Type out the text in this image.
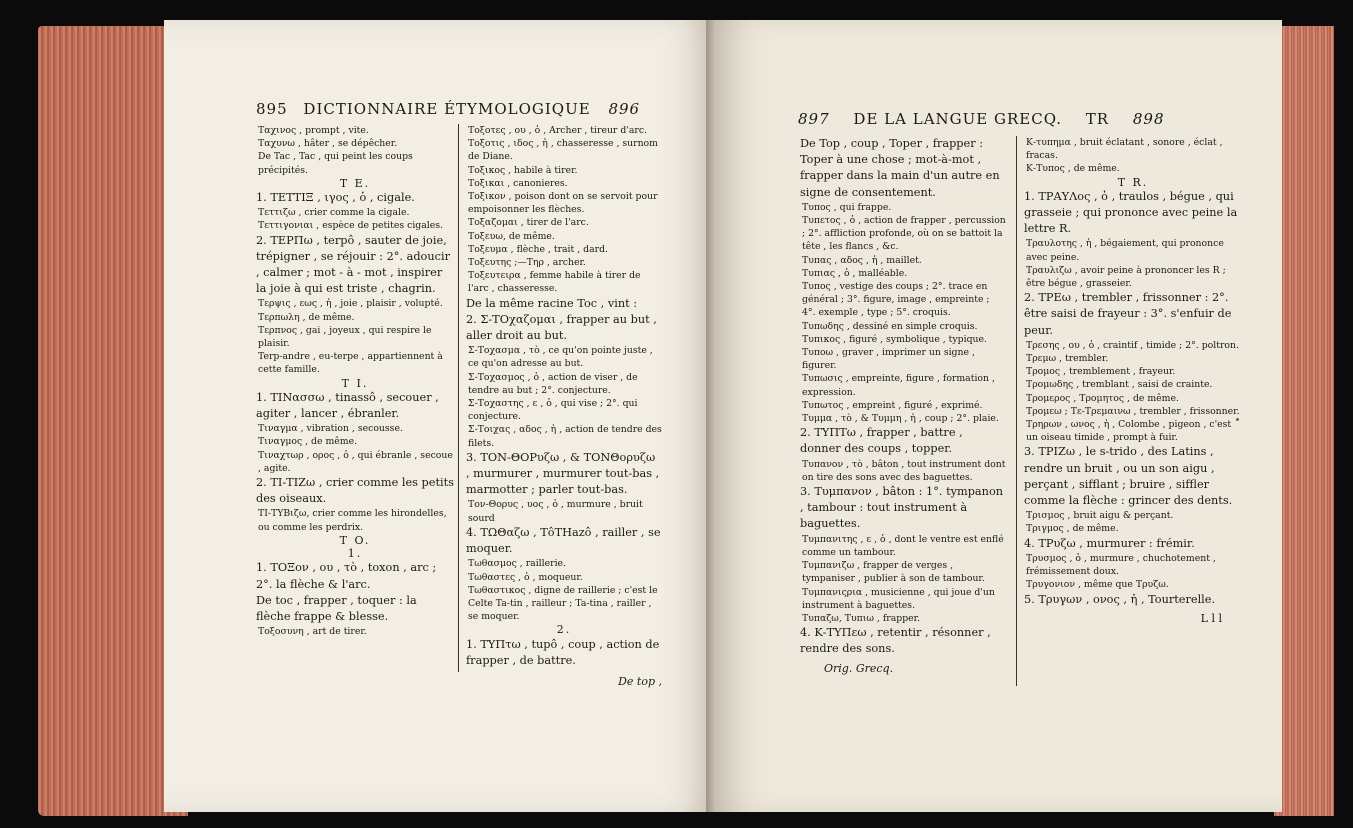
895 DICTIONNAIRE ÉTYMOLOGIQUE 896

Ταχινος , prompt , vite.

Ταχυνω , hâter , se dépêcher.

De Tac , Tac , qui peint les coups précipités.

T E.

1. ΤΕΤΤΙΞ , ιγος , ὁ , cigale.

Τεττιζω , crier comme la cigale.

Τεττιγονιαι , espèce de petites cigales.

2. ΤΕΡΠω , terpô , sauter de joie, trépigner , se réjouir : 2°. adoucir , calmer ; mot - à - mot , inspirer la joie à qui est triste , chagrin.

Τερψις , εως , ἡ , joie , plaisir , volupté.

Τερπωλη , de même.

Τερπνος , gai , joyeux , qui respire le plaisir.

Terp-andre , eu-terpe , appartiennent à cette famille.

T I.

1. ΤΙΝασσω , tinassô , secouer , agiter , lancer , ébranler.

Τιναγμα , vibration , secousse.

Τιναγμος , de même.

Τιναχτωρ , ορος , ὁ , qui ébranle , secoue , agite.

2. ΤΙ-ΤΙΖω , crier comme les petits des oiseaux.

ΤΙ-ΤΥΒιζω, crier comme les hirondelles, ou comme les perdrix.

T O.

1.

1. ΤΟΞον , ου , τὸ , toxon , arc ; 2°. la flèche & l'arc.

De toc , frapper , toquer : la flèche frappe & blesse.

Τοξοσυνη , art de tirer.

Τοξοτες , ου , ὁ , Archer , tireur d'arc.

Τοξοτις , ιδος , ἡ , chasseresse , surnom de Diane.

Τοξικος , habile à tirer.

Τοξικαι , canonieres.

Τοξικον , poison dont on se servoit pour empoisonner les flèches.

Τοξαζομαι , tirer de l'arc.

Τοξευω, de même.

Τοξευμα , flèche , trait , dard.

Τοξευτης ;—Τηρ , archer.

Τοξευτειρα , femme habile à tirer de l'arc , chasseresse.

De la même racine Toc , vint :

2. Σ-ΤΟχαζομαι , frapper au but , aller droit au but.

Σ-Τοχασμα , τὸ , ce qu'on pointe juste , ce qu'on adresse au but.

Σ-Τοχασμος , ὁ , action de viser , de tendre au but ; 2°. conjecture.

Σ-Τοχαστης , ε , ὁ , qui vise ; 2°. qui conjecture.

Σ-Τοιχας , αδος , ἡ , action de tendre des filets.

3. ΤΟΝ-ΘΟΡυζω , & ΤΟΝΘορυζω , murmurer , murmurer tout-bas , marmotter ; parler tout-bas.

Τον-Θορυς , υος , ὁ , murmure , bruit sourd

4. ΤΩΘαζω , ΤôTHazô , railler , se moquer.

Τωθασμος , raillerie.

Τωθαστες , ὁ , moqueur.

Τωθαστικος , digne de raillerie ; c'est le Celte Ta-tin , railleur ; Ta-tina , railler , se moquer.

2.

1. ΤΥΠτω , tupô , coup , action de frapper , de battre.

De top ,

897 DE LA LANGUE GRECQ. TR 898

De Top , coup , Toper , frapper : Toper à une chose ; mot-à-mot , frapper dans la main d'un autre en signe de consentement.

Τυπος , qui frappe.

Τυπετος , ὁ , action de frapper , percussion ; 2°. affliction profonde, où on se battoit la tête , les flancs , &c.

Τυπας , αδος , ἡ , maillet.

Τυπιας , ὁ , malléable.

Τυπος , vestige des coups ; 2°. trace en général ; 3°. figure, image , empreinte ; 4°. exemple , type ; 5°. croquis.

Τυπωδης , dessiné en simple croquis.

Τυπικος , figuré , symbolique , typique.

Τυποω , graver , imprimer un signe , figurer.

Τυπωσις , empreinte, figure , formation , expression.

Τυπωτος , empreint , figuré , exprimé.

Τυμμα , τὸ , & Τυμμη , ἡ , coup ; 2°. plaie.

2. ΤΥΠΤω , frapper , battre , donner des coups , topper.

Τυπανον , τὸ , bâton , tout instrument dont on tire des sons avec des baguettes.

3. Τυμπανον , bâton : 1°. tympanon , tambour : tout instrument à baguettes.

Τυμπανιτης , ε , ὁ , dont le ventre est enflé comme un tambour.

Τυμπανιζω , frapper de verges , tympaniser , publier à son de tambour.

Τυμπανιςρια , musicienne , qui joue d'un instrument à baguettes.

Τυπαζω, Τυπιω , frapper.

4. Κ-ΤΥΠεω , retentir , résonner , rendre des sons.

Orig. Grecq.

Κ-τυπημα , bruit éclatant , sonore , éclat , fracas.

Κ-Τυπος , de même.

T R.

1. ΤΡΑΥΛος , ὁ , traulos , bégue , qui grasseie ; qui prononce avec peine la lettre R.

Τραυλοτης , ἡ , bégaiement, qui prononce avec peine.

Τραυλιζω , avoir peine à prononcer les R ; être bégue , grasseier.

2. ΤΡΕω , trembler , frissonner : 2°. être saisi de frayeur : 3°. s'enfuir de peur.

Τρεσης , ου , ὁ , craintif , timide ; 2°. poltron.

Τρεμω , trembler.

Τρομος , tremblement , frayeur.

Τρομωδης , tremblant , saisi de crainte.

Τρομερος , Τρομητος , de même.

Τρομεω ; Τε-Τρεμαινω , trembler , frissonner.

Τρηρων , ωνος , ἡ , Colombe , pigeon , c'est un oiseau timide , prompt à fuir.

3. ΤΡΙΖω , le s-trido , des Latins , rendre un bruit , ou un son aigu , perçant , sifflant ; bruire , siffler comme la flèche : grincer des dents.

Τρισμος , bruit aigu & perçant.

Τριγμος , de même.

4. ΤΡυζω , murmurer : frémir.

Τρυσμος , ὁ , murmure , chuchotement , frémissement doux.

Τρυγονιον , même que Τρυζω.

5. Τρυγων , ονος , ἡ , Tourterelle.

L l l
